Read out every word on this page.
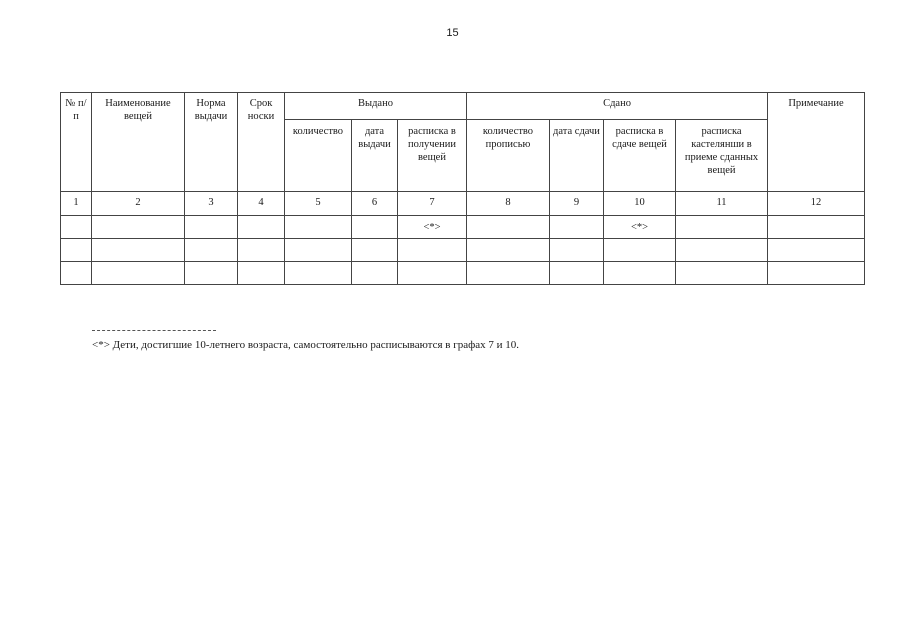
15
№ п/п	Наименование вещей	Норма выдачи	Срок носки	Выдано			Сдано				Примечание
				количество	дата выдачи	расписка в получении вещей	количество прописью	дата сдачи	расписка в сдаче вещей	расписка кастелянши в приеме сданных вещей	
1	2	3	4	5	6	7	8	9	10	11	12
						<*>			<*>		

<*> Дети, достигшие 10-летнего возраста, самостоятельно расписываются в графах 7 и 10.
